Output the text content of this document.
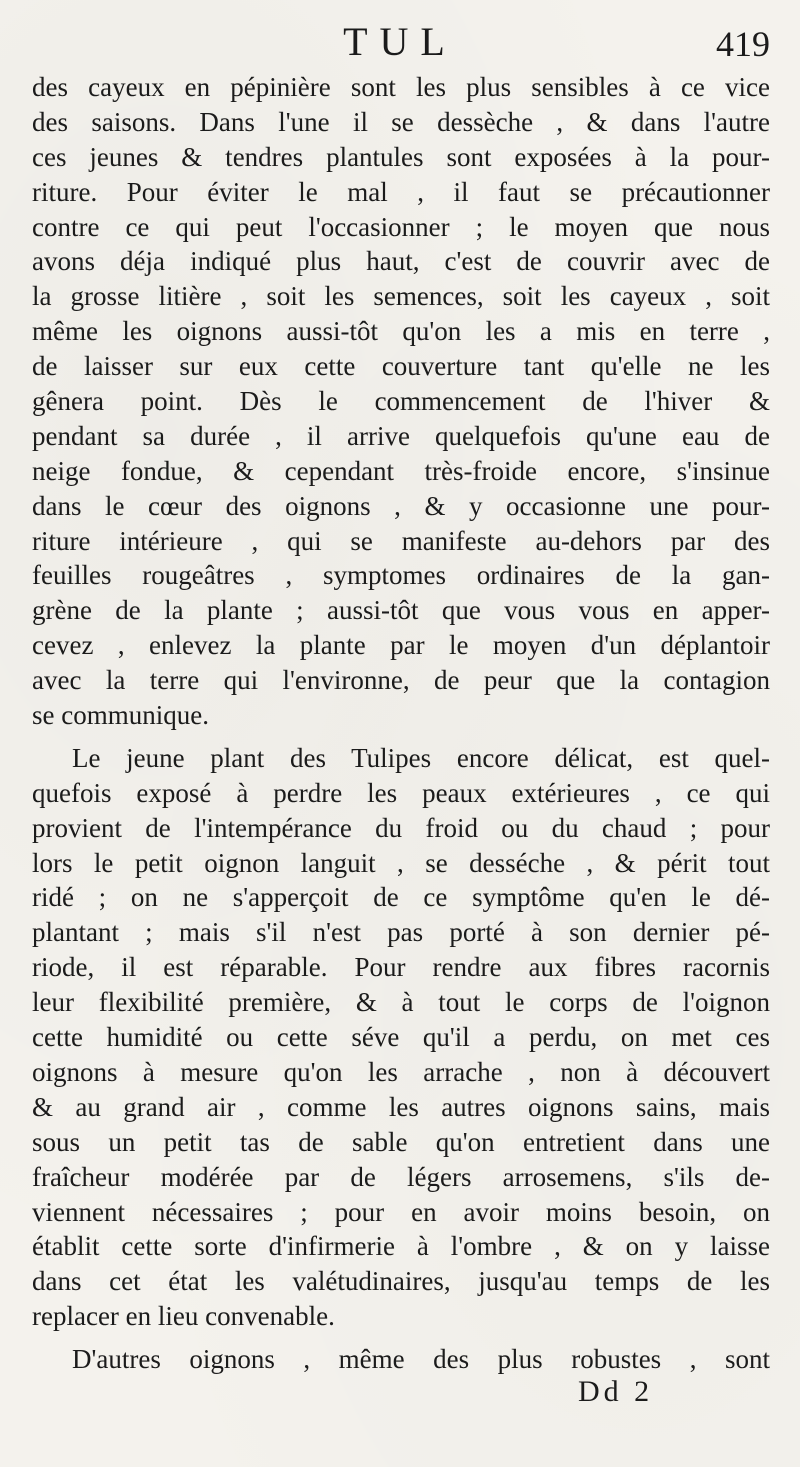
TUL	419
des cayeux en pépinière sont les plus sensibles à ce vice
des saisons. Dans l'une il se dessèche , & dans l'autre
ces jeunes & tendres plantules sont exposées à la pour-
riture. Pour éviter le mal , il faut se précautionner
contre ce qui peut l'occasionner ; le moyen que nous
avons déja indiqué plus haut, c'est de couvrir avec de
la grosse litière , soit les semences, soit les cayeux , soit
même les oignons aussi-tôt qu'on les a mis en terre ,
de laisser sur eux cette couverture tant qu'elle ne les
gênera point. Dès le commencement de l'hiver &
pendant sa durée , il arrive quelquefois qu'une eau de
neige fondue, & cependant très-froide encore, s'insinue
dans le cœur des oignons , & y occasionne une pour-
riture intérieure , qui se manifeste au-dehors par des
feuilles rougeâtres , symptomes ordinaires de la gan-
grène de la plante ; aussi-tôt que vous vous en apper-
cevez , enlevez la plante par le moyen d'un déplantoir
avec la terre qui l'environne, de peur que la contagion
se communique.
Le jeune plant des Tulipes encore délicat, est quel-
quefois exposé à perdre les peaux extérieures , ce qui
provient de l'intempérance du froid ou du chaud ; pour
lors le petit oignon languit , se desséche , & périt tout
ridé ; on ne s'apperçoit de ce symptôme qu'en le dé-
plantant ; mais s'il n'est pas porté à son dernier pé-
riode, il est réparable. Pour rendre aux fibres racornis
leur flexibilité première, & à tout le corps de l'oignon
cette humidité ou cette séve qu'il a perdu, on met ces
oignons à mesure qu'on les arrache , non à découvert
& au grand air , comme les autres oignons sains, mais
sous un petit tas de sable qu'on entretient dans une
fraîcheur modérée par de légers arrosemens, s'ils de-
viennent nécessaires ; pour en avoir moins besoin, on
établit cette sorte d'infirmerie à l'ombre , & on y laisse
dans cet état les valétudinaires, jusqu'au temps de les
replacer en lieu convenable.
D'autres oignons , même des plus robustes , sont
Dd 2
